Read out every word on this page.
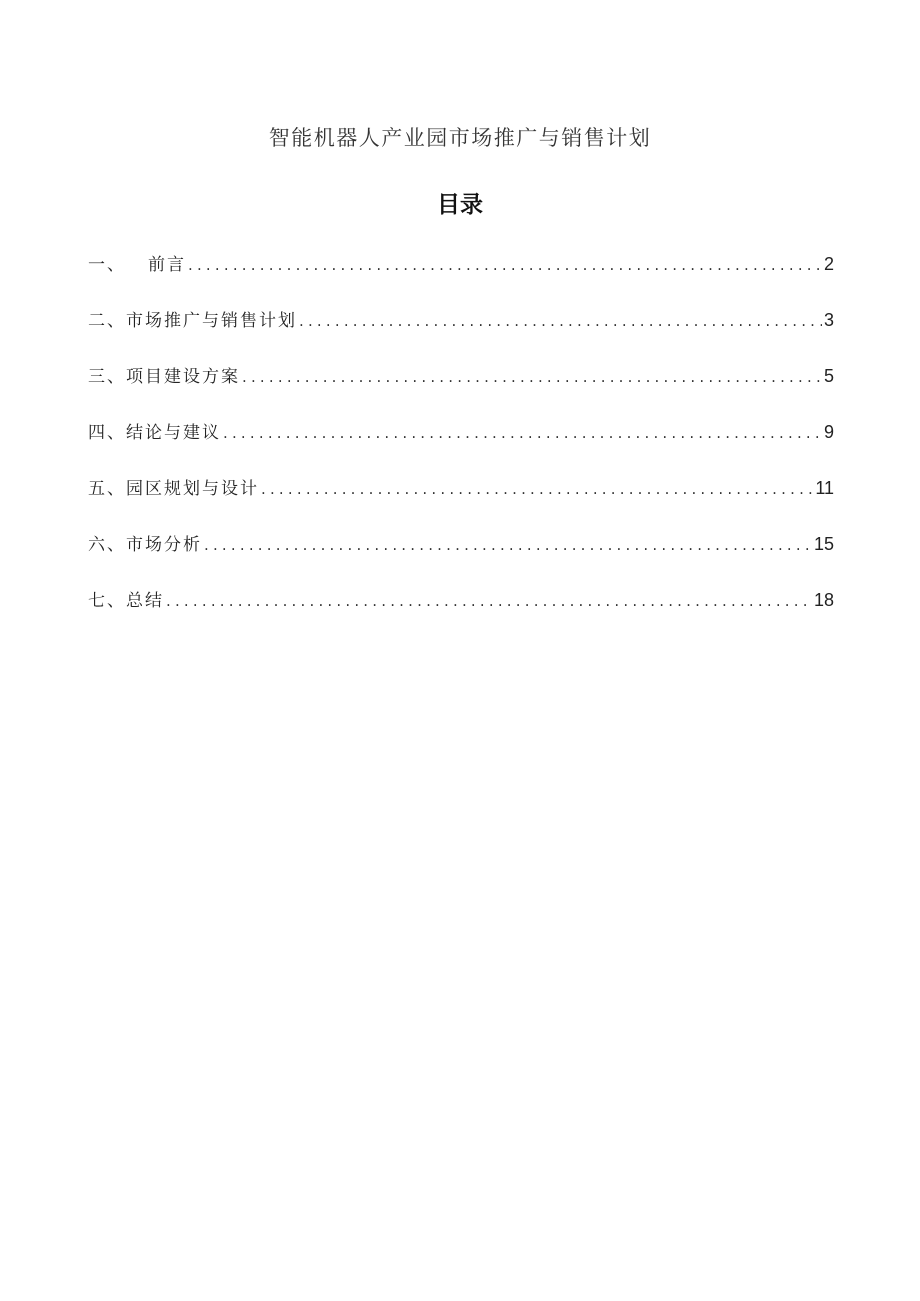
智能机器人产业园市场推广与销售计划
目录
一、 前言 .....	2
二、市场推广与销售计划 .....	3
三、项目建设方案 .....	5
四、结论与建议 .....	9
五、园区规划与设计 .....	11
六、市场分析 .....	15
七、总结 .....	18
